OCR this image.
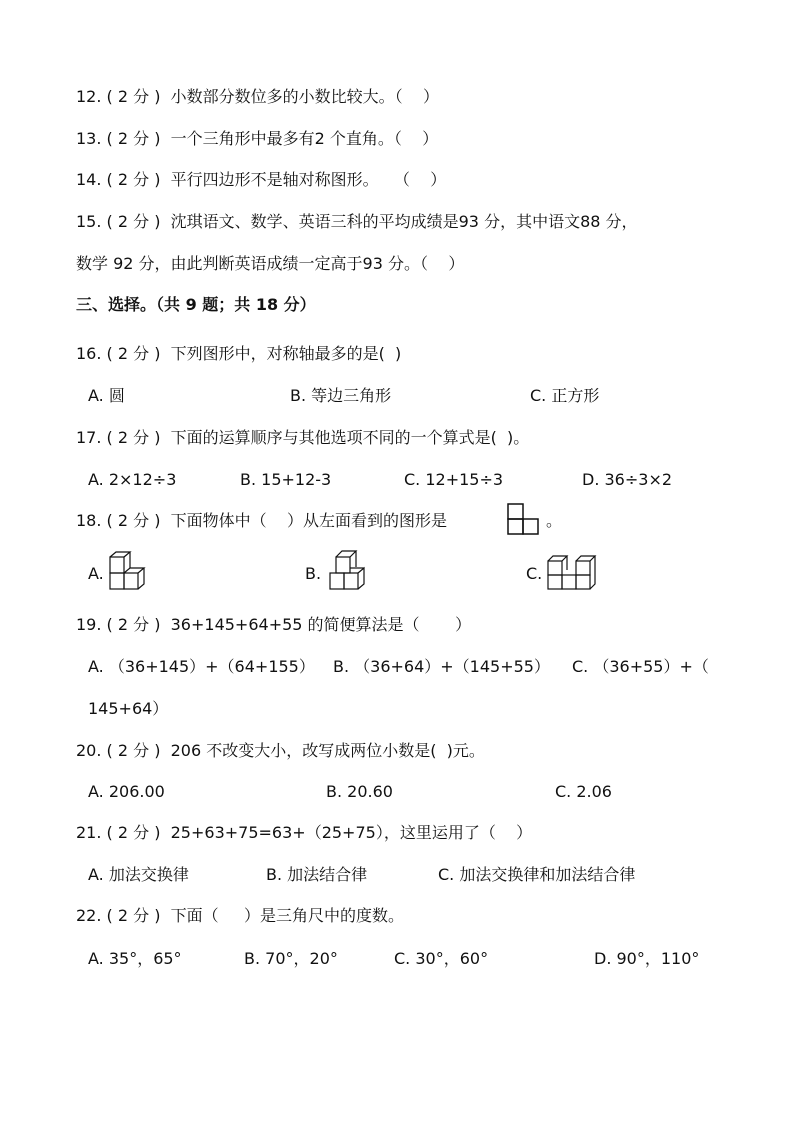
12. ( 2 分 )  小数部分数位多的小数比较大。（    ）
13. ( 2 分 )  一个三角形中最多有2 个直角。（    ）
14. ( 2 分 )  平行四边形不是轴对称图形。   （    ）
15. ( 2 分 )  沈琪语文、数学、英语三科的平均成绩是93 分，其中语文88 分，
数学 92 分，由此判断英语成绩一定高于93 分。（    ）
三、选择。（共 9 题；共 18 分）
16. ( 2 分 )  下列图形中，对称轴最多的是(  )
A. 圆	B. 等边三角形	C. 正方形
17. ( 2 分 )  下面的运算顺序与其他选项不同的一个算式是(  )。
A. 2×12÷3	B. 15+12-3	C. 12+15÷3	D. 36÷3×2
18. ( 2 分 )  下面物体中（    ）从左面看到的图形是	。
A.	B.	C.
19. ( 2 分 )  36+145+64+55 的简便算法是（       ）
A. （36+145）+（64+155） B. （36+64）+（145+55） C. （36+55）+（
145+64）
20. ( 2 分 )  206 不改变大小，改写成两位小数是(  )元。
A. 206.00	B. 20.60	C. 2.06
21. ( 2 分 )  25+63+75=63+（25+75），这里运用了（    ）
A. 加法交换律	B. 加法结合律	C. 加法交换律和加法结合律
22. ( 2 分 )  下面（     ）是三角尺中的度数。
A. 35°，65°	B. 70°，20°	C. 30°，60°	D. 90°，110°
